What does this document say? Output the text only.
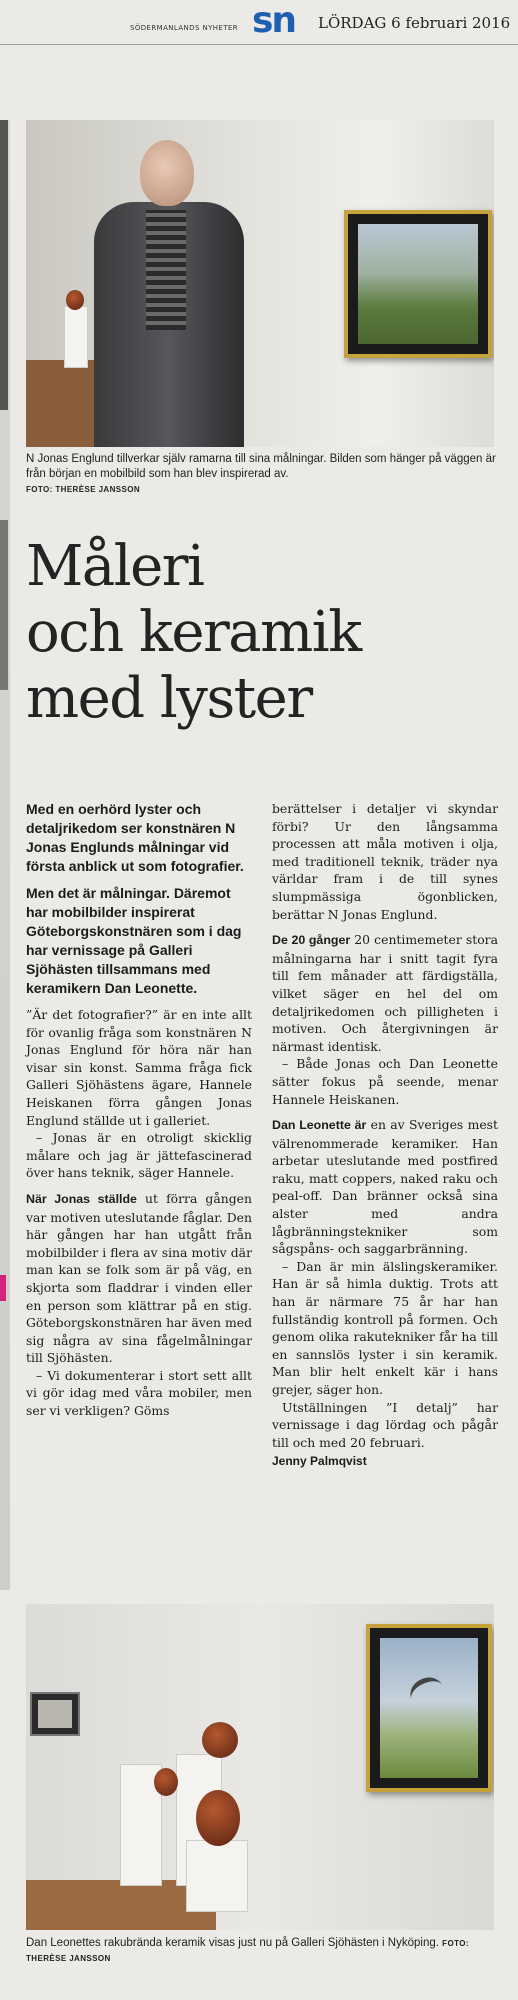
SÖDERMANLANDS NYHETER sn LÖRDAG 6 februari 2016
N Jonas Englund tillverkar själv ramarna till sina målningar. Bilden som hänger på väggen är från början en mobilbild som han blev inspirerad av.
FOTO: THERÈSE JANSSON
Måleri
och keramik
med lyster

Med en oerhörd lyster och detaljrikedom ser konstnären N Jonas Englunds målningar vid första anblick ut som fotografier.

Men det är målningar. Däremot har mobilbilder inspirerat Göteborgskonstnären som i dag har vernissage på Galleri Sjöhästen tillsammans med keramikern Dan Leonette.

”Är det fotografier?” är en inte allt för ovanlig fråga som konstnären N Jonas Englund för höra när han visar sin konst. Samma fråga fick Galleri Sjöhästens ägare, Hannele Heiskanen förra gången Jonas Englund ställde ut i galleriet.

– Jonas är en otroligt skicklig målare och jag är jättefascinerad över hans teknik, säger Hannele.

När Jonas ställde ut förra gången var motiven uteslutande fåglar. Den här gången har han utgått från mobilbilder i flera av sina motiv där man kan se folk som är på väg, en skjorta som fladdrar i vinden eller en person som klättrar på en stig. Göteborgskonstnären har även med sig några av sina fågelmålningar till Sjöhästen.

– Vi dokumenterar i stort sett allt vi gör idag med våra mobiler, men ser vi verkligen? Göms

berättelser i detaljer vi skyndar förbi? Ur den långsamma processen att måla motiven i olja, med traditionell teknik, träder nya världar fram i de till synes slumpmässiga ögonblicken, berättar N Jonas Englund.

De 20 gånger 20 centimemeter stora målningarna har i snitt tagit fyra till fem månader att färdigställa, vilket säger en hel del om detaljrikedomen och pilligheten i motiven. Och återgivningen är närmast identisk.

– Både Jonas och Dan Leonette sätter fokus på seende, menar Hannele Heiskanen.

Dan Leonette är en av Sveriges mest välrenommerade keramiker. Han arbetar uteslutande med postfired raku, matt coppers, naked raku och peal-off. Dan bränner också sina alster med andra lågbränningstekniker som sågspåns- och saggarbränning.

– Dan är min älslingskeramiker. Han är så himla duktig. Trots att han är närmare 75 år har han fullständig kontroll på formen. Och genom olika rakutekniker får ha till en sannslös lyster i sin keramik. Man blir helt enkelt kär i hans grejer, säger hon.

Utställningen ”I detalj” har vernissage i dag lördag och pågår till och med 20 februari.

Jenny Palmqvist

Dan Leonettes rakubrända keramik visas just nu på Galleri Sjöhästen i Nyköping. FOTO: THERÈSE JANSSON
